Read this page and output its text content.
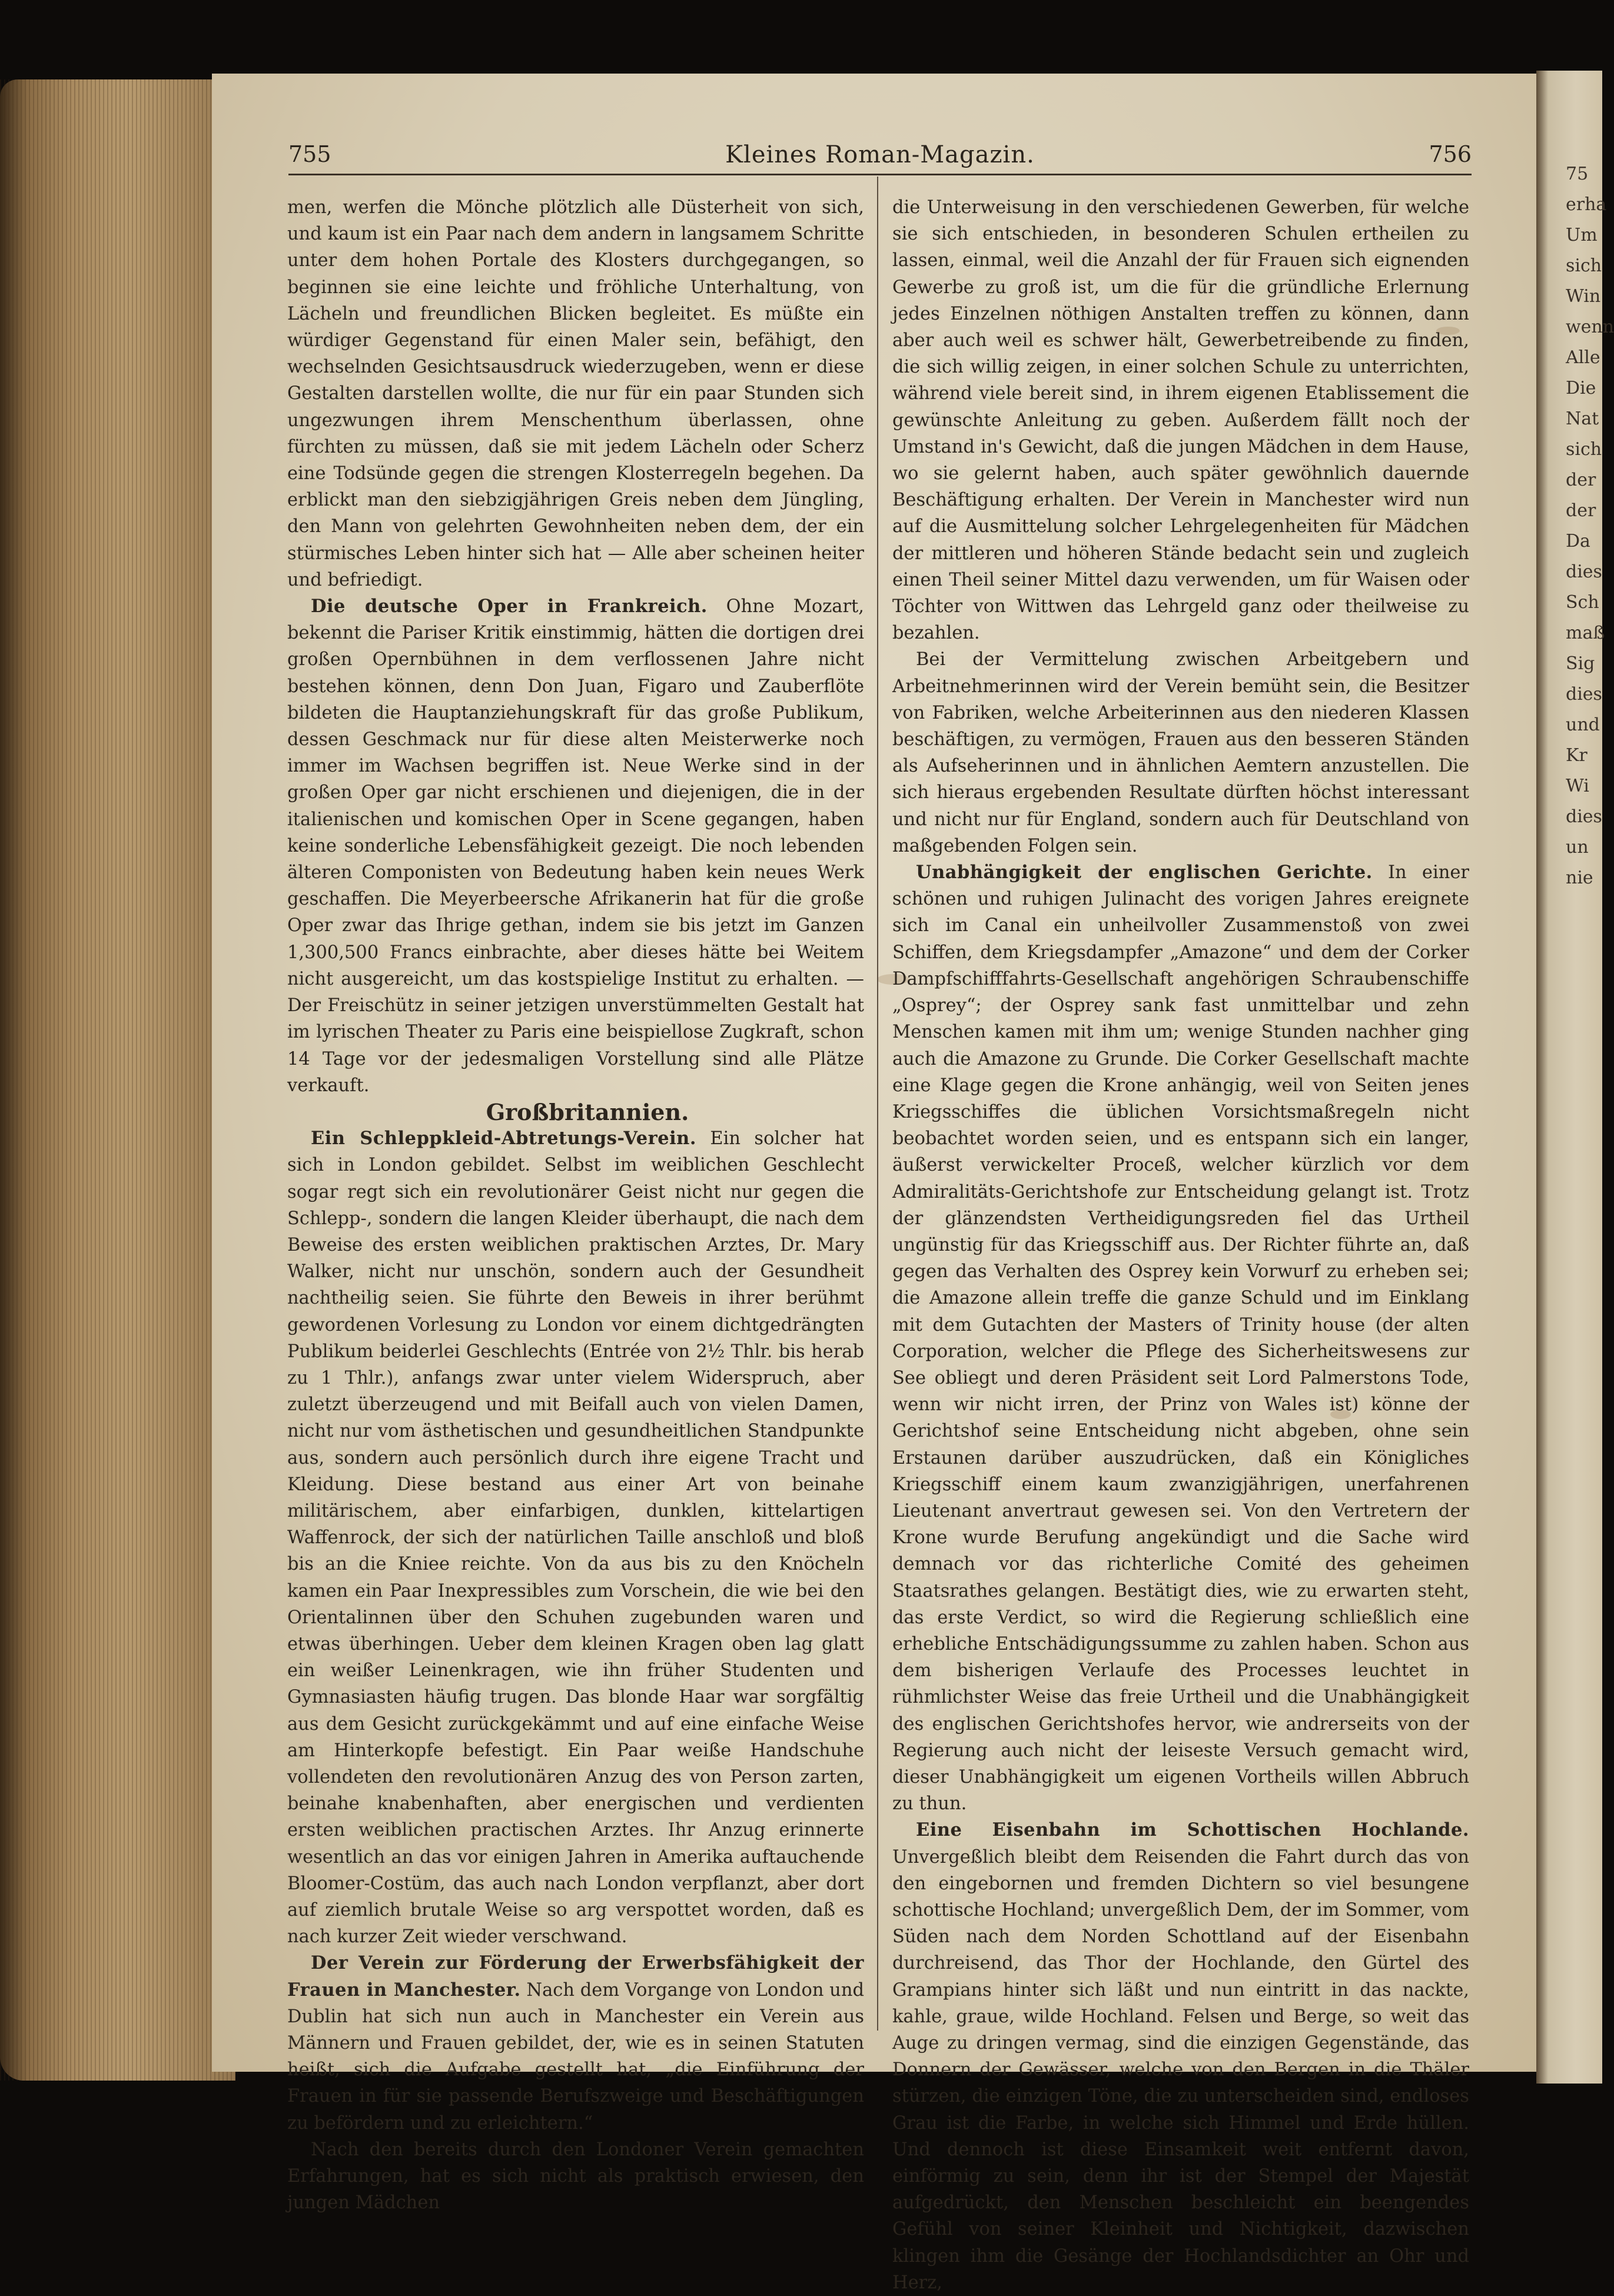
75
erha
Um
sich
Win
wenn
Alle
Die
Nat
sich
der
der
Da
dies
Sch
maß
Sig
dies
und
Kr
Wi
dies
un
nie
755	Kleines Roman-Magazin.	756

men, werfen die Mönche plötzlich alle Düsterheit von sich, und kaum ist ein Paar nach dem andern in langsamem Schritte unter dem hohen Portale des Klosters durchgegangen, so beginnen sie eine leichte und fröhliche Unterhaltung, von Lächeln und freundlichen Blicken begleitet. Es müßte ein würdiger Gegenstand für einen Maler sein, befähigt, den wechselnden Gesichtsausdruck wiederzugeben, wenn er diese Gestalten darstellen wollte, die nur für ein paar Stunden sich ungezwungen ihrem Menschenthum überlassen, ohne fürchten zu müssen, daß sie mit jedem Lächeln oder Scherz eine Todsünde gegen die strengen Klosterregeln begehen. Da erblickt man den siebzigjährigen Greis neben dem Jüngling, den Mann von gelehrten Gewohnheiten neben dem, der ein stürmisches Leben hinter sich hat — Alle aber scheinen heiter und befriedigt.

Die deutsche Oper in Frankreich. Ohne Mozart, bekennt die Pariser Kritik einstimmig, hätten die dortigen drei großen Opernbühnen in dem verflossenen Jahre nicht bestehen können, denn Don Juan, Figaro und Zauberflöte bildeten die Hauptanziehungskraft für das große Publikum, dessen Geschmack nur für diese alten Meisterwerke noch immer im Wachsen begriffen ist. Neue Werke sind in der großen Oper gar nicht erschienen und diejenigen, die in der italienischen und komischen Oper in Scene gegangen, haben keine sonderliche Lebensfähigkeit gezeigt. Die noch lebenden älteren Componisten von Bedeutung haben kein neues Werk geschaffen. Die Meyerbeersche Afrikanerin hat für die große Oper zwar das Ihrige gethan, indem sie bis jetzt im Ganzen 1,300,500 Francs einbrachte, aber dieses hätte bei Weitem nicht ausgereicht, um das kostspielige Institut zu erhalten. — Der Freischütz in seiner jetzigen unverstümmelten Gestalt hat im lyrischen Theater zu Paris eine beispiellose Zugkraft, schon 14 Tage vor der jedesmaligen Vorstellung sind alle Plätze verkauft.

Großbritannien.

Ein Schleppkleid-Abtretungs-Verein. Ein solcher hat sich in London gebildet. Selbst im weiblichen Geschlecht sogar regt sich ein revolutionärer Geist nicht nur gegen die Schlepp-, sondern die langen Kleider überhaupt, die nach dem Beweise des ersten weiblichen praktischen Arztes, Dr. Mary Walker, nicht nur unschön, sondern auch der Gesundheit nachtheilig seien. Sie führte den Beweis in ihrer berühmt gewordenen Vorlesung zu London vor einem dichtgedrängten Publikum beiderlei Geschlechts (Entrée von 2½ Thlr. bis herab zu 1 Thlr.), anfangs zwar unter vielem Widerspruch, aber zuletzt überzeugend und mit Beifall auch von vielen Damen, nicht nur vom ästhetischen und gesundheitlichen Standpunkte aus, sondern auch persönlich durch ihre eigene Tracht und Kleidung. Diese bestand aus einer Art von beinahe militärischem, aber einfarbigen, dunklen, kittelartigen Waffenrock, der sich der natürlichen Taille anschloß und bloß bis an die Kniee reichte. Von da aus bis zu den Knöcheln kamen ein Paar Inexpressibles zum Vorschein, die wie bei den Orientalinnen über den Schuhen zugebunden waren und etwas überhingen. Ueber dem kleinen Kragen oben lag glatt ein weißer Leinenkragen, wie ihn früher Studenten und Gymnasiasten häufig trugen. Das blonde Haar war sorgfältig aus dem Gesicht zurückgekämmt und auf eine einfache Weise am Hinterkopfe befestigt. Ein Paar weiße Handschuhe vollendeten den revolutionären Anzug des von Person zarten, beinahe knabenhaften, aber energischen und verdienten ersten weiblichen practischen Arztes. Ihr Anzug erinnerte wesentlich an das vor einigen Jahren in Amerika auftauchende Bloomer-Costüm, das auch nach London verpflanzt, aber dort auf ziemlich brutale Weise so arg verspottet worden, daß es nach kurzer Zeit wieder verschwand.

Der Verein zur Förderung der Erwerbsfähigkeit der Frauen in Manchester. Nach dem Vorgange von London und Dublin hat sich nun auch in Manchester ein Verein aus Männern und Frauen gebildet, der, wie es in seinen Statuten heißt, sich die Aufgabe gestellt hat, „die Einführung der Frauen in für sie passende Berufszweige und Beschäftigungen zu befördern und zu erleichtern.“

Nach den bereits durch den Londoner Verein gemachten Erfahrungen, hat es sich nicht als praktisch erwiesen, den jungen Mädchen

die Unterweisung in den verschiedenen Gewerben, für welche sie sich entschieden, in besonderen Schulen ertheilen zu lassen, einmal, weil die Anzahl der für Frauen sich eignenden Gewerbe zu groß ist, um die für die gründliche Erlernung jedes Einzelnen nöthigen Anstalten treffen zu können, dann aber auch weil es schwer hält, Gewerbetreibende zu finden, die sich willig zeigen, in einer solchen Schule zu unterrichten, während viele bereit sind, in ihrem eigenen Etablissement die gewünschte Anleitung zu geben. Außerdem fällt noch der Umstand in's Gewicht, daß die jungen Mädchen in dem Hause, wo sie gelernt haben, auch später gewöhnlich dauernde Beschäftigung erhalten. Der Verein in Manchester wird nun auf die Ausmittelung solcher Lehrgelegenheiten für Mädchen der mittleren und höheren Stände bedacht sein und zugleich einen Theil seiner Mittel dazu verwenden, um für Waisen oder Töchter von Wittwen das Lehrgeld ganz oder theilweise zu bezahlen.

Bei der Vermittelung zwischen Arbeitgebern und Arbeitnehmerinnen wird der Verein bemüht sein, die Besitzer von Fabriken, welche Arbeiterinnen aus den niederen Klassen beschäftigen, zu vermögen, Frauen aus den besseren Ständen als Aufseherinnen und in ähnlichen Aemtern anzustellen. Die sich hieraus ergebenden Resultate dürften höchst interessant und nicht nur für England, sondern auch für Deutschland von maßgebenden Folgen sein.

Unabhängigkeit der englischen Gerichte. In einer schönen und ruhigen Julinacht des vorigen Jahres ereignete sich im Canal ein unheilvoller Zusammenstoß von zwei Schiffen, dem Kriegsdampfer „Amazone“ und dem der Corker Dampfschifffahrts-Gesellschaft angehörigen Schraubenschiffe „Osprey“; der Osprey sank fast unmittelbar und zehn Menschen kamen mit ihm um; wenige Stunden nachher ging auch die Amazone zu Grunde. Die Corker Gesellschaft machte eine Klage gegen die Krone anhängig, weil von Seiten jenes Kriegsschiffes die üblichen Vorsichtsmaßregeln nicht beobachtet worden seien, und es entspann sich ein langer, äußerst verwickelter Proceß, welcher kürzlich vor dem Admiralitäts-Gerichtshofe zur Entscheidung gelangt ist. Trotz der glänzendsten Vertheidigungsreden fiel das Urtheil ungünstig für das Kriegsschiff aus. Der Richter führte an, daß gegen das Verhalten des Osprey kein Vorwurf zu erheben sei; die Amazone allein treffe die ganze Schuld und im Einklang mit dem Gutachten der Masters of Trinity house (der alten Corporation, welcher die Pflege des Sicherheitswesens zur See obliegt und deren Präsident seit Lord Palmerstons Tode, wenn wir nicht irren, der Prinz von Wales ist) könne der Gerichtshof seine Entscheidung nicht abgeben, ohne sein Erstaunen darüber auszudrücken, daß ein Königliches Kriegsschiff einem kaum zwanzigjährigen, unerfahrenen Lieutenant anvertraut gewesen sei. Von den Vertretern der Krone wurde Berufung angekündigt und die Sache wird demnach vor das richterliche Comité des geheimen Staatsrathes gelangen. Bestätigt dies, wie zu erwarten steht, das erste Verdict, so wird die Regierung schließlich eine erhebliche Entschädigungssumme zu zahlen haben. Schon aus dem bisherigen Verlaufe des Processes leuchtet in rühmlichster Weise das freie Urtheil und die Unabhängigkeit des englischen Gerichtshofes hervor, wie andrerseits von der Regierung auch nicht der leiseste Versuch gemacht wird, dieser Unabhängigkeit um eigenen Vortheils willen Abbruch zu thun.

Eine Eisenbahn im Schottischen Hochlande. Unvergeßlich bleibt dem Reisenden die Fahrt durch das von den eingebornen und fremden Dichtern so viel besungene schottische Hochland; unvergeßlich Dem, der im Sommer, vom Süden nach dem Norden Schottland auf der Eisenbahn durchreisend, das Thor der Hochlande, den Gürtel des Grampians hinter sich läßt und nun eintritt in das nackte, kahle, graue, wilde Hochland. Felsen und Berge, so weit das Auge zu dringen vermag, sind die einzigen Gegenstände, das Donnern der Gewässer, welche von den Bergen in die Thäler stürzen, die einzigen Töne, die zu unterscheiden sind, endloses Grau ist die Farbe, in welche sich Himmel und Erde hüllen. Und dennoch ist diese Einsamkeit weit entfernt davon, einförmig zu sein, denn ihr ist der Stempel der Majestät aufgedrückt, den Menschen beschleicht ein beengendes Gefühl von seiner Kleinheit und Nichtigkeit, dazwischen klingen ihm die Gesänge der Hochlandsdichter an Ohr und Herz,
